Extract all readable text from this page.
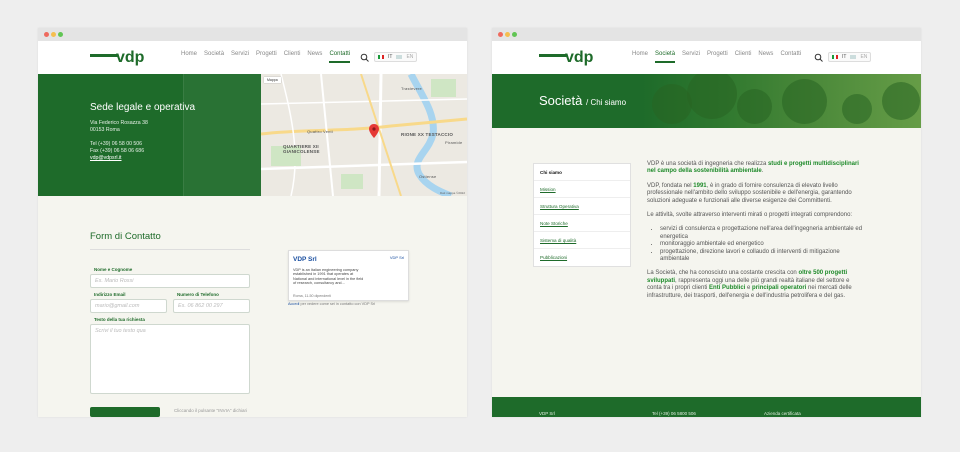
vdp	Home Società Servizi Progetti Clienti News Contatti	IT	EN
Sede legale e operativa
Via Federico Rosazza 38
00153 Roma
Tel (+39) 06 58 00 506
Fax (+39) 06 58 06 686
vdp@vdpsrl.it
Mappa
RIONE XX TESTACCIO
QUARTIERE XII GIANICOLENSE
Quattro Venti
Piramide
Trastevere
Ostiense
Dati mappa ©2022
Form di Contatto
Nome e Cognome
Es. Mario Rossi
Indirizzo Email
mario@gmail.com
Numero di Telefono
Es. 06 862 00 297
Testo della tua richiesta
Scrivi il tuo testo qua
Cliccando il pulsante "INVIA" dichiari
VDP Srl	VDP Srl
VDP is an Italian engineering company established in 1991 that operates at National and international level in the field of research, consultancy and...
Roma, 11-50 dipendenti
Accedi per vedere come sei in contatto con VDP Srl
vdp	Home Società Servizi Progetti Clienti News Contatti	IT	EN
Società / Chi siamo
Chi siamo
Mission
Struttura Operativa
Note Storiche
Sistema di qualità
Pubblicazioni

VDP è una società di ingegneria che realizza studi e progetti multidisciplinari nel campo della sostenibilità ambientale.

VDP, fondata nel 1991, è in grado di fornire consulenza di elevato livello professionale nell'ambito dello sviluppo sostenibile e dell'energia, garantendo soluzioni adeguate e funzionali alle diverse esigenze dei Committenti.

Le attività, svolte attraverso interventi mirati o progetti integrati comprendono:

• servizi di consulenza e progettazione nell'area dell'ingegneria ambientale ed energetica
• monitoraggio ambientale ed energetico
• progettazione, direzione lavori e collaudo di interventi di mitigazione ambientale

La Società, che ha conosciuto una costante crescita con oltre 500 progetti sviluppati, rappresenta oggi una delle più grandi realtà italiane del settore e conta tra i propri clienti Enti Pubblici e principali operatori nei mercati delle infrastrutture, dei trasporti, dell'energia e dell'industria petrolifera e del gas.

VDP Srl	Tel (+39) 06 5800 506	Azienda certificata
